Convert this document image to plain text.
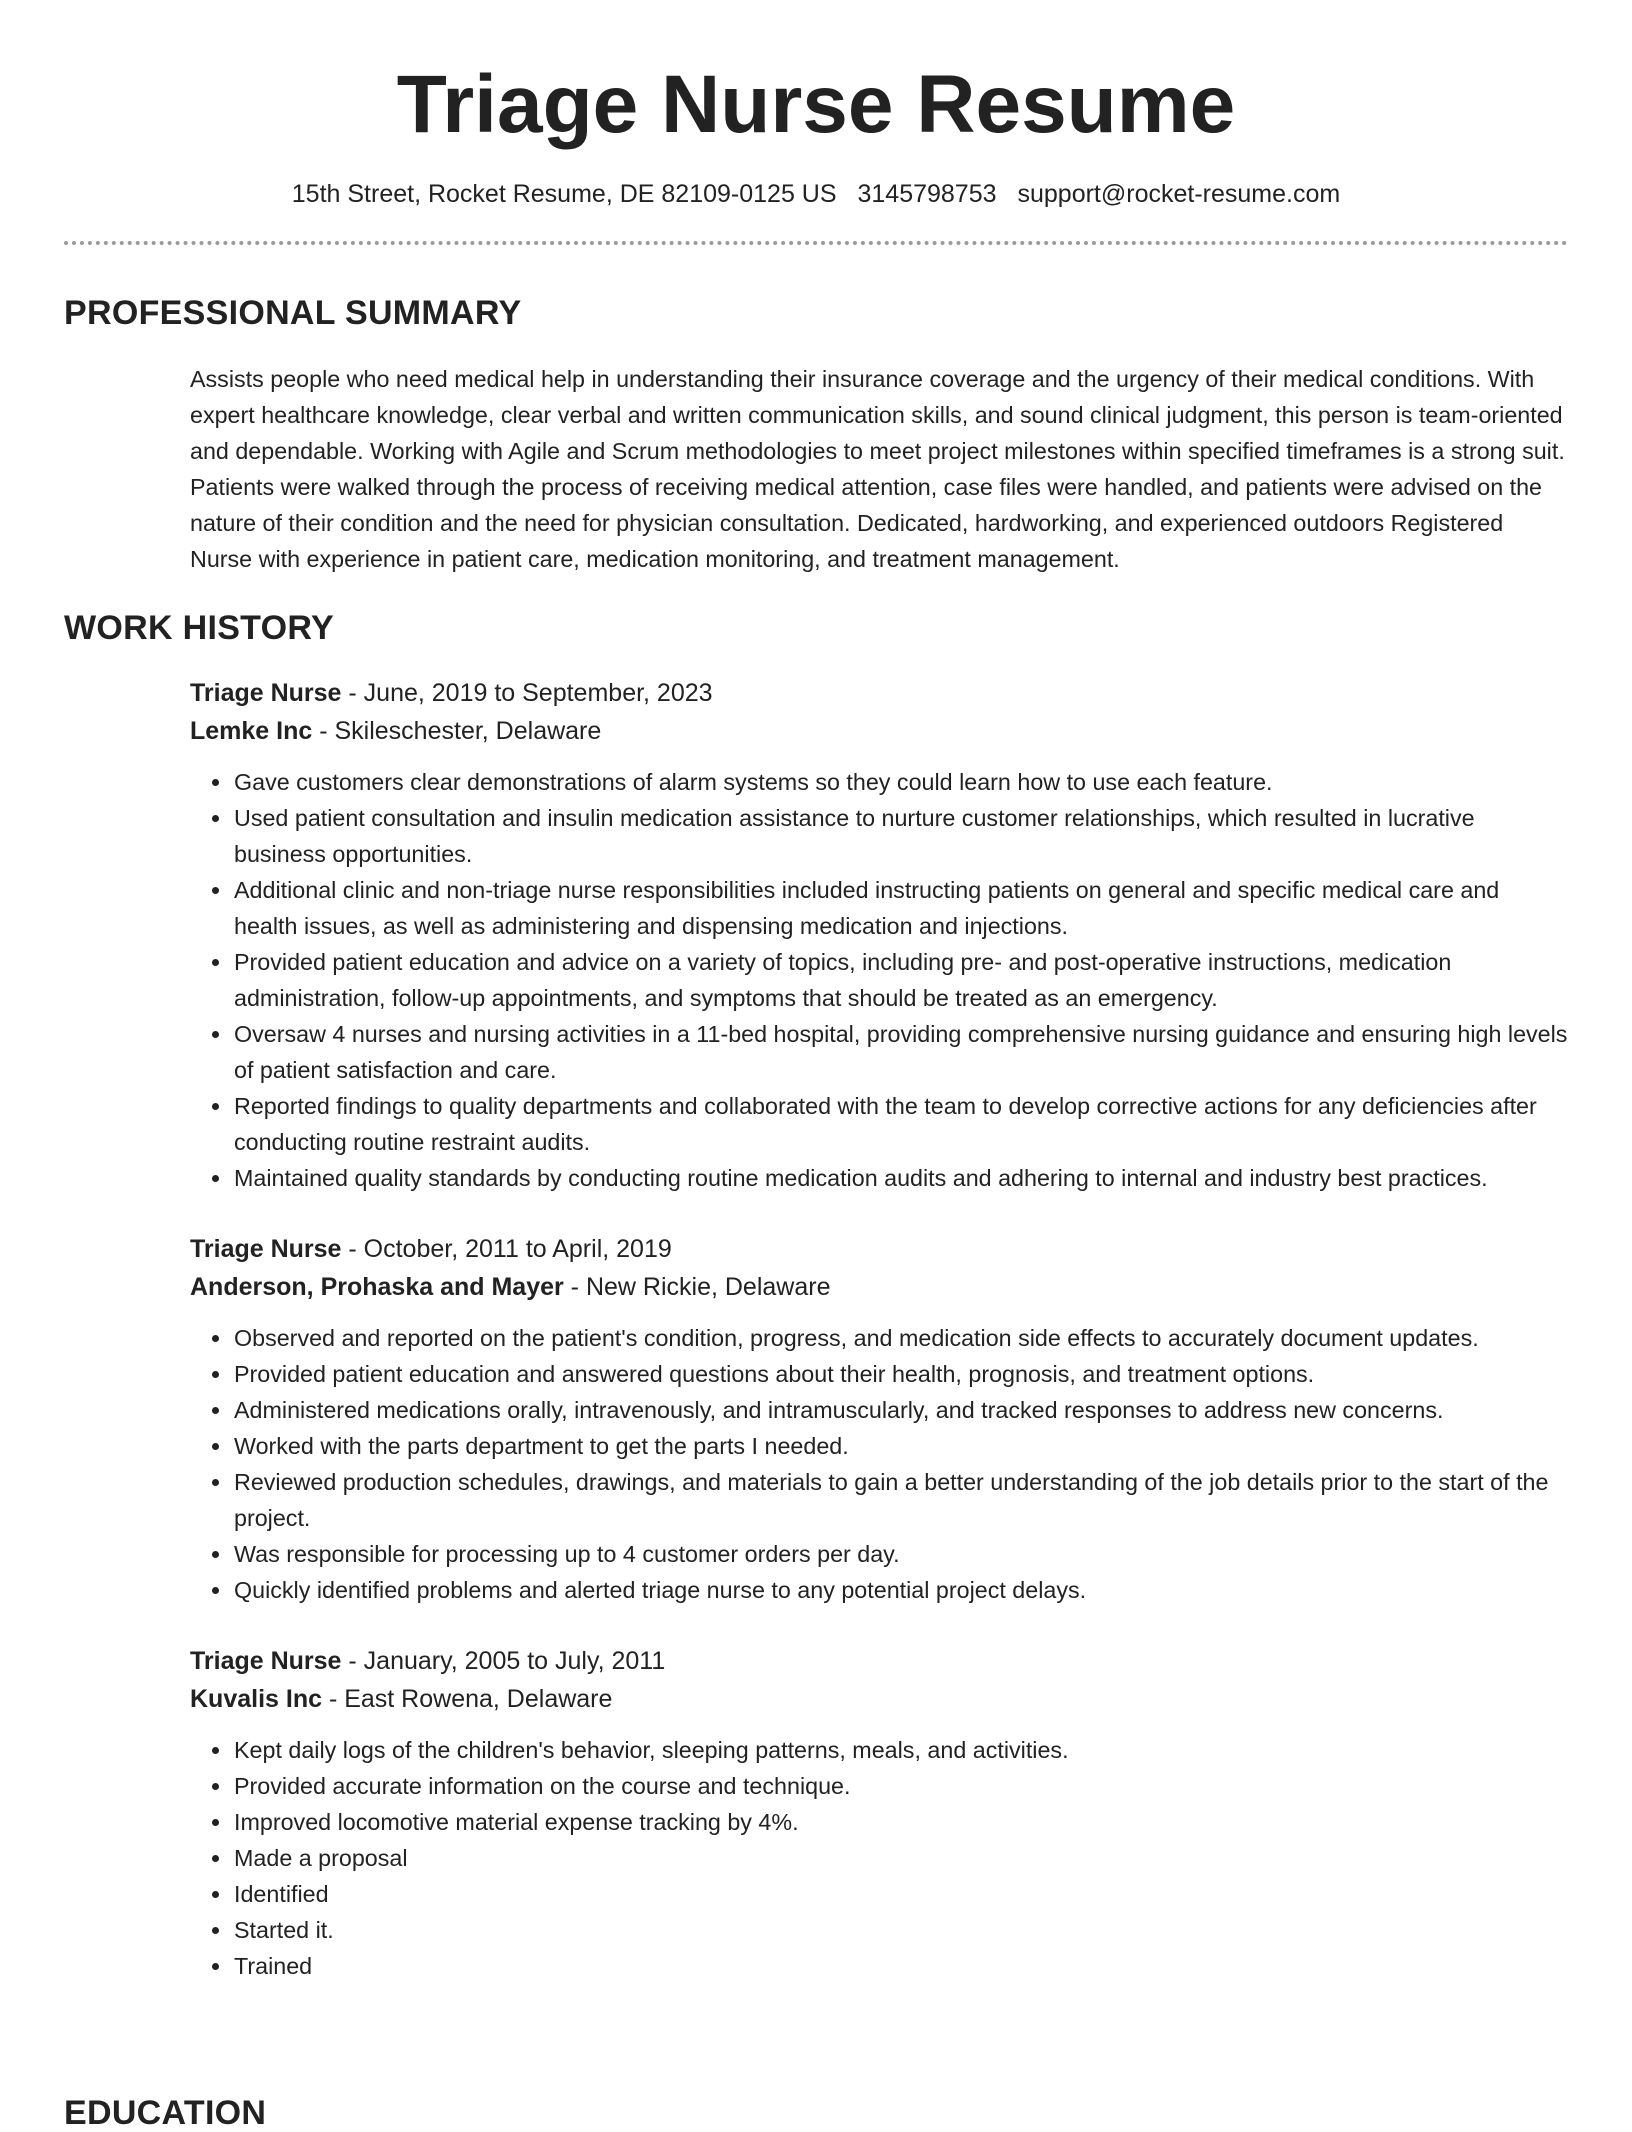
Triage Nurse Resume
15th Street, Rocket Resume, DE 82109-0125 US 3145798753 support@rocket-resume.com
PROFESSIONAL SUMMARY

Assists people who need medical help in understanding their insurance coverage and the urgency of their medical conditions. With expert healthcare knowledge, clear verbal and written communication skills, and sound clinical judgment, this person is team-oriented and dependable. Working with Agile and Scrum methodologies to meet project milestones within specified timeframes is a strong suit. Patients were walked through the process of receiving medical attention, case files were handled, and patients were advised on the nature of their condition and the need for physician consultation. Dedicated, hardworking, and experienced outdoors Registered Nurse with experience in patient care, medication monitoring, and treatment management.

WORK HISTORY
Triage Nurse - June, 2019 to September, 2023
Lemke Inc - Skileschester, Delaware
• Gave customers clear demonstrations of alarm systems so they could learn how to use each feature.
• Used patient consultation and insulin medication assistance to nurture customer relationships, which resulted in lucrative business opportunities.
• Additional clinic and non-triage nurse responsibilities included instructing patients on general and specific medical care and health issues, as well as administering and dispensing medication and injections.
• Provided patient education and advice on a variety of topics, including pre- and post-operative instructions, medication administration, follow-up appointments, and symptoms that should be treated as an emergency.
• Oversaw 4 nurses and nursing activities in a 11-bed hospital, providing comprehensive nursing guidance and ensuring high levels of patient satisfaction and care.
• Reported findings to quality departments and collaborated with the team to develop corrective actions for any deficiencies after conducting routine restraint audits.
• Maintained quality standards by conducting routine medication audits and adhering to internal and industry best practices.
Triage Nurse - October, 2011 to April, 2019
Anderson, Prohaska and Mayer - New Rickie, Delaware
• Observed and reported on the patient's condition, progress, and medication side effects to accurately document updates.
• Provided patient education and answered questions about their health, prognosis, and treatment options.
• Administered medications orally, intravenously, and intramuscularly, and tracked responses to address new concerns.
• Worked with the parts department to get the parts I needed.
• Reviewed production schedules, drawings, and materials to gain a better understanding of the job details prior to the start of the project.
• Was responsible for processing up to 4 customer orders per day.
• Quickly identified problems and alerted triage nurse to any potential project delays.
Triage Nurse - January, 2005 to July, 2011
Kuvalis Inc - East Rowena, Delaware
• Kept daily logs of the children's behavior, sleeping patterns, meals, and activities.
• Provided accurate information on the course and technique.
• Improved locomotive material expense tracking by 4%.
• Made a proposal
• Identified
• Started it.
• Trained
EDUCATION
